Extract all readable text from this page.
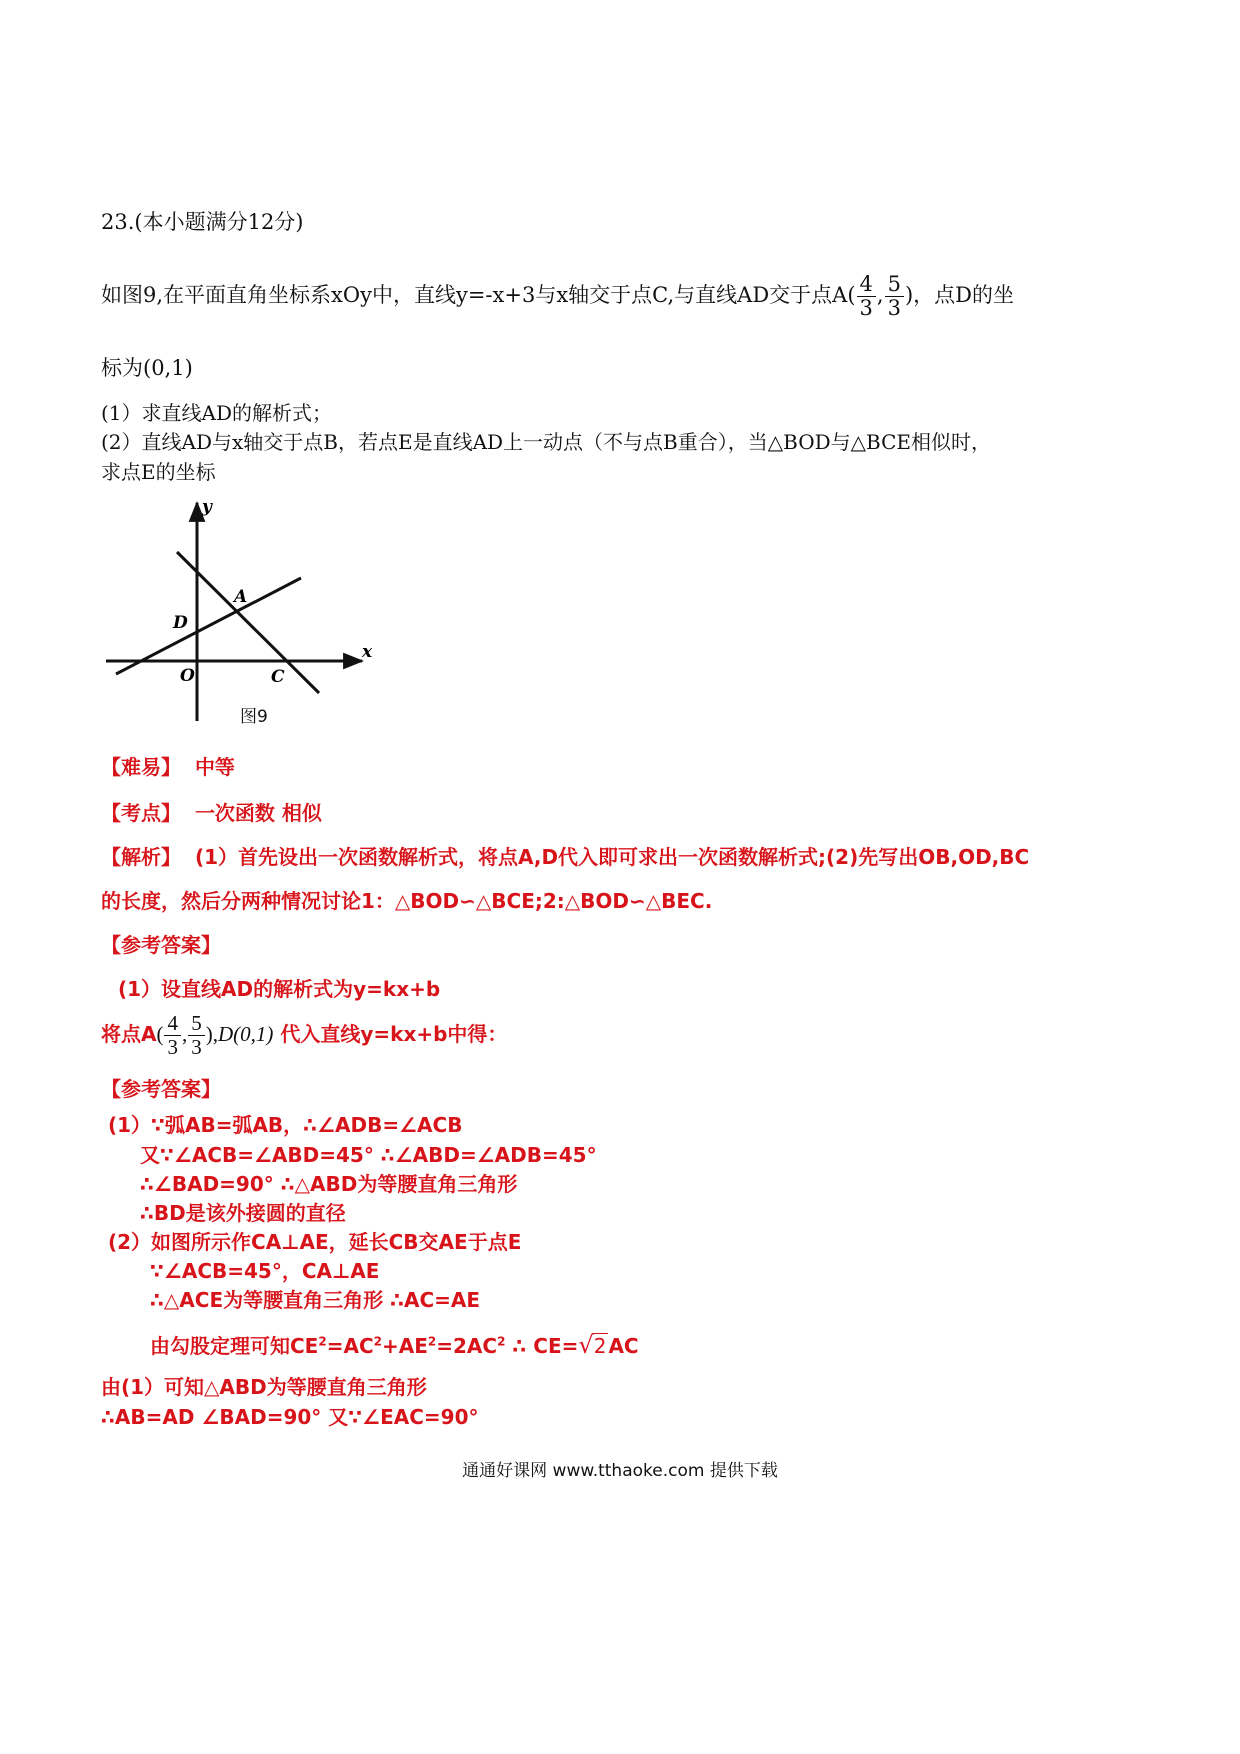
23.(本小题满分12分)
如图9,在平面直角坐标系xOy中，直线y=-x+3与x轴交于点C,与直线AD交于点$A( \frac{4}{3}$ , $\frac{5}{3}$ )，点D的坐
标为(0,1)
(1）求直线AD的解析式；
(2）直线AD与x轴交于点B，若点E是直线AD上一动点（不与点B重合），当△BOD与△BCE相似时，
求点E的坐标
y
x
A
D
O	C
图9
【难易】 中等
【考点】 一次函数 相似
【解析】 (1）首先设出一次函数解析式，将点A,D代入即可求出一次函数解析式;(2)先写出OB,OD,BC
的长度，然后分两种情况讨论1：△BOD∽△BCE;2:△BOD∽△BEC.
【参考答案】
(1）设直线AD的解析式为y=kx+b
将点$A( \frac{4}{3}$ , $\frac{5}{3} ),D(0,1)$ 代入直线y=kx+b中得：
【参考答案】
(1）∵弧AB=弧AB，∴∠ADB=∠ACB
又∵∠ACB=∠ABD=45° ∴∠ABD=∠ADB=45°
∴∠BAD=90° ∴△ABD为等腰直角三角形
∴BD是该外接圆的直径
(2）如图所示作CA⊥AE，延长CB交AE于点E
∵∠ACB=45°，CA⊥AE
∴△ACE为等腰直角三角形 ∴AC=AE
由勾股定理可知$CE^2=AC^2+AE^2=2AC^2$ ∴ CE=√2 AC
由(1）可知△ABD为等腰直角三角形
∴AB=AD ∠BAD=90° 又∵∠EAC=90°
通通好课网 www.tthaoke.com 提供下载
